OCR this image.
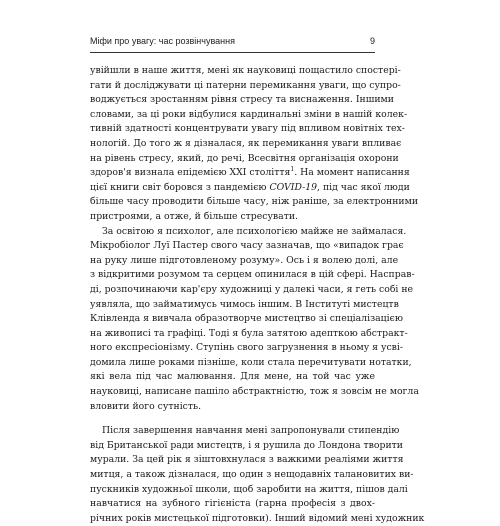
Міфи про увагу: час розвінчування	9
увійшли в наше життя, мені як науковиці пощастило спостері-
гати й досліджувати ці патерни перемикання уваги, що супро-
воджується зростанням рівня стресу та виснаження. Іншими
словами, за ці роки відбулися кардинальні зміни в нашій колек-
тивній здатності концентрувати увагу під впливом новітніх тех-
нологій. До того ж я дізналася, як перемикання уваги впливає
на рівень стресу, який, до речі, Всесвітня організація охорони
здоров'я визнала епідемією XXI століття$^1$. На момент написання
цієї книги світ боровся з пандемією COVID-19, під час якої люди
більше часу проводити більше часу, ніж раніше, за електронними
пристроями, а отже, й більше стресувати.
За освітою я психолог, але психологією майже не займалася.
Мікробіолог Луї Пастер свого часу зазначав, що «випадок грає
на руку лише підготовленому розуму». Ось і я волею долі, але
з відкритими розумом та серцем опинилася в цій сфері. Насправ-
ді, розпочинаючи кар'єру художниці у далекі часи, я геть собі не
уявляла, що займатимусь чимось іншим. В Інституті мистецтв
Клівленда я вивчала образотворче мистецтво зі спеціалізацією
на живописі та графіці. Тоді я була затятою адепткою абстракт-
ного експресіонізму. Ступінь свого загрузнення в ньому я усві-
домила лише роками пізніше, коли стала перечитувати нотатки,
які вела під час малювання. Для мене, на той час уже
науковиці, написане пашіло абстрактністю, тож я зовсім не могла
вловити його сутність.
Після завершення навчання мені запропонували стипендію
від Британської ради мистецтв, і я рушила до Лондона творити
мурали. За цей рік я зіштовхнулася з важкими реаліями життя
митця, а також дізналася, що один з нещодавніх талановитих ви-
пускників художньої школи, щоб заробити на життя, пішов далі
навчатися на зубного гігієніста (гарна професія з двох-
річних років мистецької підготовки). Інший відомий мені художник
